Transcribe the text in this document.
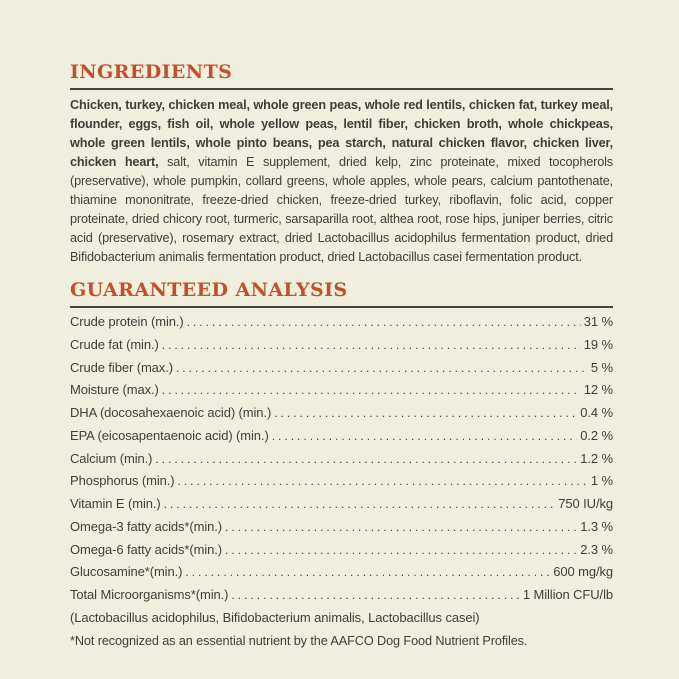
INGREDIENTS

Chicken, turkey, chicken meal, whole green peas, whole red lentils, chicken fat, turkey meal, flounder, eggs, fish oil, whole yellow peas, lentil fiber, chicken broth, whole chickpeas, whole green lentils, whole pinto beans, pea starch, natural chicken flavor, chicken liver, chicken heart, salt, vitamin E supplement, dried kelp, zinc proteinate, mixed tocopherols (preservative), whole pumpkin, collard greens, whole apples, whole pears, calcium pantothenate, thiamine mononitrate, freeze-dried chicken, freeze-dried turkey, riboflavin, folic acid, copper proteinate, dried chicory root, turmeric, sarsaparilla root, althea root, rose hips, juniper berries, citric acid (preservative), rosemary extract, dried Lactobacillus acidophilus fermentation product, dried Bifidobacterium animalis fermentation product, dried Lactobacillus casei fermentation product.

GUARANTEED ANALYSIS
Crude protein (min.) .....	31 %
Crude fat (min.) .....	19 %
Crude fiber (max.) .....	5 %
Moisture (max.) .....	12 %
DHA (docosahexaenoic acid) (min.) .....	0.4 %
EPA (eicosapentaenoic acid) (min.) .....	0.2 %
Calcium (min.) .....	1.2 %
Phosphorus (min.) .....	1 %
Vitamin E (min.) .....	750 IU/kg
Omega-3 fatty acids*(min.) .....	1.3 %
Omega-6 fatty acids*(min.) .....	2.3 %
Glucosamine*(min.) .....	600 mg/kg
Total Microorganisms*(min.) .....	1 Million CFU/lb

(Lactobacillus acidophilus, Bifidobacterium animalis, Lactobacillus casei)

*Not recognized as an essential nutrient by the AAFCO Dog Food Nutrient Profiles.
